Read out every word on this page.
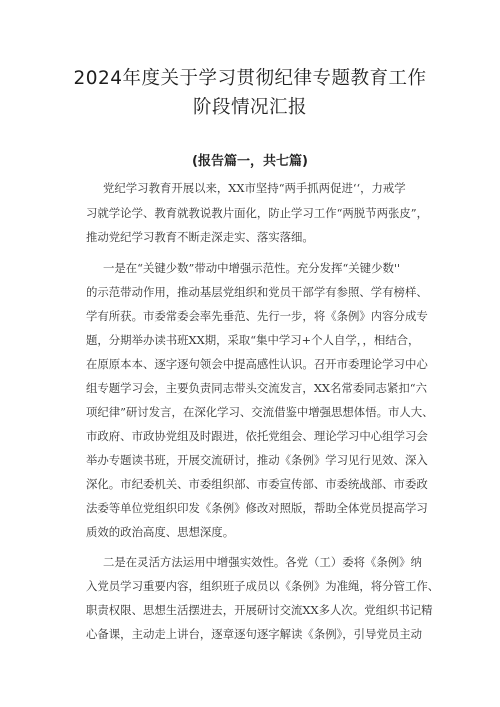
2024年度关于学习贯彻纪律专题教育工作
阶段情况汇报
(报告篇一，共七篇)
党纪学习教育开展以来，XX市坚持“两手抓两促进‘‘，力戒学
习就学论学、教育就教说教片面化，防止学习工作“两脱节两张皮”，
推动党纪学习教育不断走深走实、落实落细。
一是在“关键少数”带动中增强示范性。充分发挥“关键少数''
的示范带动作用，推动基层党组织和党员干部学有参照、学有榜样、
学有所获。市委常委会率先垂范、先行一步，将《条例》内容分成专
题，分期举办读书班XX期，采取“集中学习+个人自学，，相结合，
在原原本本、逐字逐句领会中提高感性认识。召开市委理论学习中心
组专题学习会，主要负责同志带头交流发言，XX名常委同志紧扣“六
项纪律”研讨发言，在深化学习、交流借鉴中增强思想体悟。市人大、
市政府、市政协党组及时跟进，依托党组会、理论学习中心组学习会
举办专题读书班，开展交流研讨，推动《条例》学习见行见效、深入
深化。市纪委机关、市委组织部、市委宣传部、市委统战部、市委政
法委等单位党组织印发《条例》修改对照版，帮助全体党员提高学习
质效的政治高度、思想深度。
二是在灵活方法运用中增强实效性。各党（工）委将《条例》纳
入党员学习重要内容，组织班子成员以《条例》为准绳，将分管工作、
职责权限、思想生活摆进去，开展研讨交流XX多人次。党组织书记精
心备课，主动走上讲台，逐章逐句逐字解读《条例》，引导党员主动
